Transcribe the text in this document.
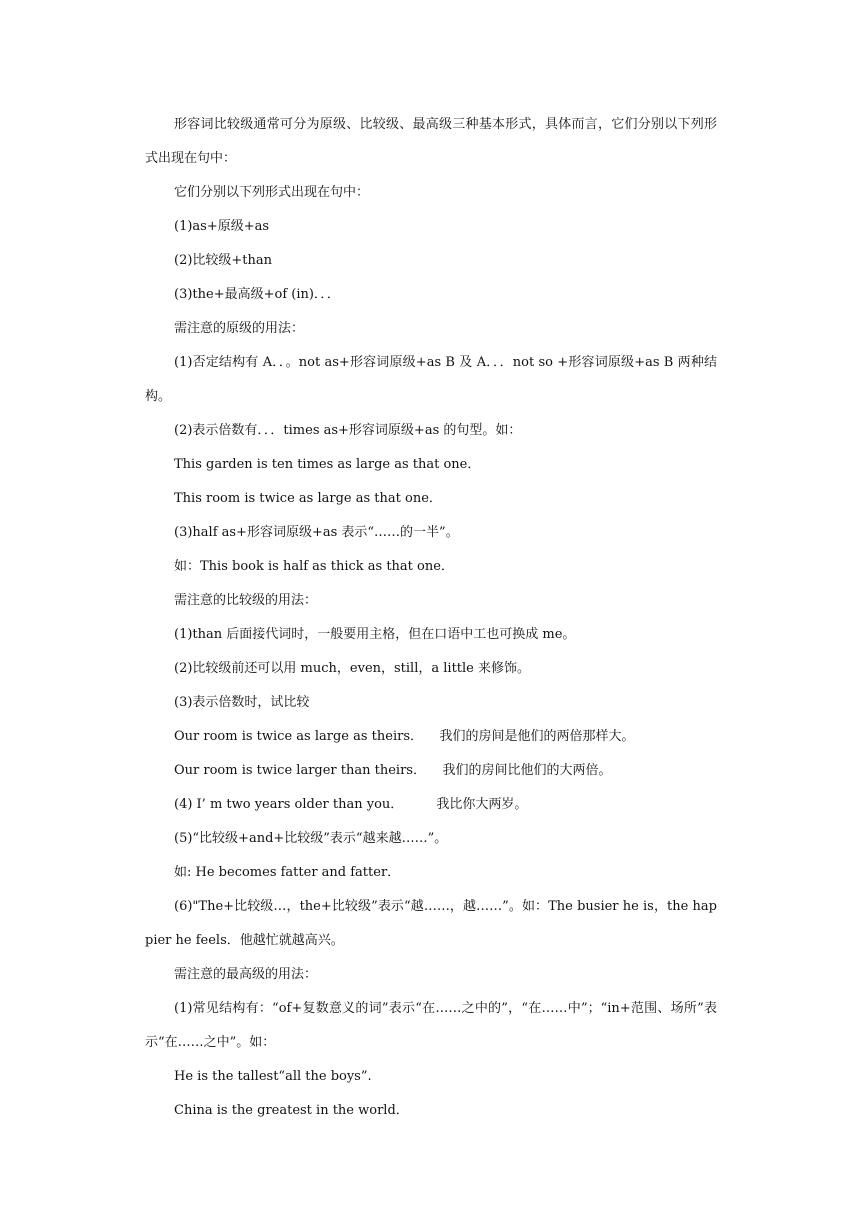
形容词比较级通常可分为原级、比较级、最高级三种基本形式，具体而言，它们分别以下列形式出现在句中：

它们分别以下列形式出现在句中：

(1)as+原级+as

(2)比较级+than

(3)the+最高级+of (in)．．．

需注意的原级的用法：

(1)否定结构有 A．．。not as+形容词原级+as B 及 A．．．not so +形容词原级+as B 两种结构。

(2)表示倍数有．．．times as+形容词原级+as 的句型。如：

This garden is ten times as large as that one．

This room is twice as large as that one．

(3)half as+形容词原级+as 表示“……的一半”。

如：This book is half as thick as that one．

需注意的比较级的用法：

(1)than 后面接代词时，一般要用主格，但在口语中工也可换成 me。

(2)比较级前还可以用 much，even，still，a little 来修饰。

(3)表示倍数时，试比较

Our room is twice as large as theirs．    我们的房间是他们的两倍那样大。

Our room is twice larger than theirs．    我们的房间比他们的大两倍。

(4) I’ m two years older than you．        我比你大两岁。

(5)“比较级+and+比较级”表示“越来越……”。

如: He becomes fatter and fatter．

(6)"The+比较级…，the+比较级”表示“越……，越……”。如：The busier he is，the happier he feels．他越忙就越高兴。

需注意的最高级的用法：

(1)常见结构有：“of+复数意义的词”表示“在……之中的”，“在……中”；“in+范围、场所”表示“在……之中”。如：

He is the tallest“all the boys”.

China is the greatest in the world．
